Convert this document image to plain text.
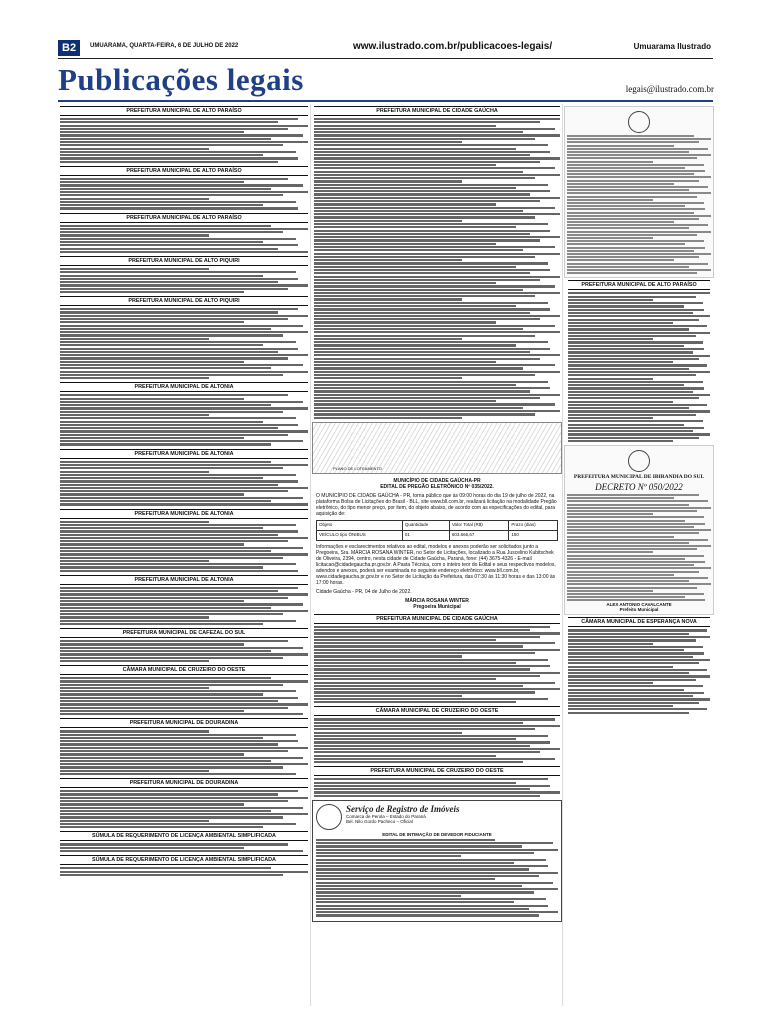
B2	UMUARAMA, QUARTA-FEIRA, 6 DE JULHO DE 2022	www.ilustrado.com.br/publicacoes-legais/	Umuarama Ilustrado
Publicações legais	legais@ilustrado.com.br
PREFEITURA MUNICIPAL DE ALTO PARAÍSO
PREFEITURA MUNICIPAL DE ALTO PARAÍSO
PREFEITURA MUNICIPAL DE ALTO PARAÍSO
PREFEITURA MUNICIPAL DE ALTO PIQUIRI
PREFEITURA MUNICIPAL DE ALTO PIQUIRI
PREFEITURA MUNICIPAL DE ALTONIA
PREFEITURA MUNICIPAL DE ALTONIA
PREFEITURA MUNICIPAL DE ALTONIA
PREFEITURA MUNICIPAL DE ALTONIA
PREFEITURA MUNICIPAL DE CAFEZAL DO SUL
CÂMARA MUNICIPAL DE CRUZEIRO DO OESTE
PREFEITURA MUNICIPAL DE DOURADINA
PREFEITURA MUNICIPAL DE DOURADINA
SÚMULA DE REQUERIMENTO DE LICENÇA AMBIENTAL SIMPLIFICADA
SÚMULA DE REQUERIMENTO DE LICENÇA AMBIENTAL SIMPLIFICADA
PREFEITURA MUNICIPAL DE CIDADE GAÚCHA
PLANO DE LOTEAMENTO
MUNICÍPIO DE CIDADE GAÚCHA-PR
EDITAL DE PREGÃO ELETRÔNICO Nº 035/2022.

O MUNICÍPIO DE CIDADE GAÚCHA - PR, torna público que às 09:00 horas do dia 19 de julho de 2022, na plataforma Bolsa de Licitações do Brasil - BLL, site www.bll.com.br, realizará licitação na modalidade Pregão eletrônico, do tipo menor preço, por item, do objeto abaixo, de acordo com as especificações do edital, para aquisição de:

Objeto	Quantidade	Valor Total (R$)	Prazo (dias)
VEÍCULO tipo ÔNIBUS	01	603.666,67	150

Informações e esclarecimentos relativos ao edital, modelos e anexos poderão ser solicitados junto a Pregoeira, Sra. MÁRCIA ROSANA WINTER, no Setor de Licitações, localizado a Rua Juscelino Kubitschek de Oliveira, 2394, centro, nesta cidade de Cidade Gaúcha, Paraná, fone: (44) 3675-4326 - E-mail licitacao@cidadegaucha.pr.gov.br. A Pasta Técnica, com o inteiro teor do Edital e seus respectivos modelos, adendos e anexos, poderá ser examinada no seguinte endereço eletrônico: www.bll.com.br, www.cidadegaucha.pr.gov.br e no Setor de Licitação da Prefeitura, das 07:30 às 11:30 horas e das 13:00 às 17:00 horas.

Cidade Gaúcha - PR, 04 de Julho de 2022.

MÁRCIA ROSANA WINTER
Pregoeira Municipal
PREFEITURA MUNICIPAL DE CIDADE GAÚCHA
CÂMARA MUNICIPAL DE CRUZEIRO DO OESTE
PREFEITURA MUNICIPAL DE CRUZEIRO DO OESTE
Serviço de Registro de Imóveis
Comarca de Perola – Estado do Paraná
Bel. Nilo Gordo Pacheco – Oficial
EDITAL DE INTIMAÇÃO DE DEVEDOR FIDUCIANTE
PREFEITURA MUNICIPAL DE ALTO PARAÍSO
PREFEITURA MUNICIPAL DE IBIRANDIA DO SUL
DECRETO Nº 050/2022
ALEX ANTONIO CAVALCANTE
Prefeito Municipal
CÂMARA MUNICIPAL DE ESPERANÇA NOVA
